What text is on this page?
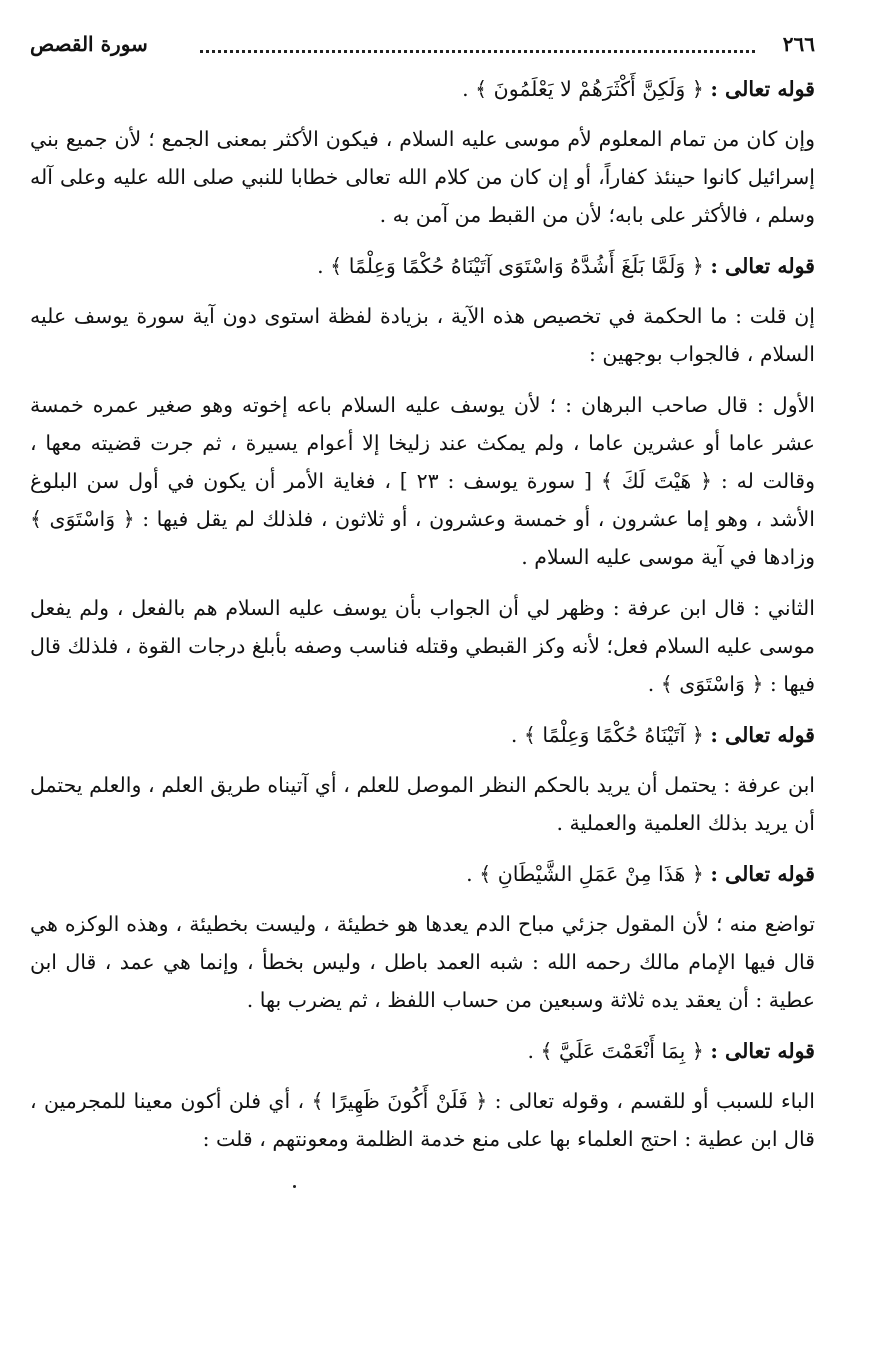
٢٦٦
سورة القصص

قوله تعالى : ﴿ وَلَكِنَّ أَكْثَرَهُمْ لا يَعْلَمُونَ ﴾ .

وإن كان من تمام المعلوم لأم موسى عليه السلام ، فيكون الأكثر بمعنى الجمع ؛ لأن جميع بني إسرائيل كانوا حينئذ كفاراً، أو إن كان من كلام الله تعالى خطابا للنبي صلى الله عليه وعلى آله وسلم ، فالأكثر على بابه؛ لأن من القبط من آمن به .

قوله تعالى : ﴿ وَلَمَّا بَلَغَ أَشُدَّهُ وَاسْتَوَى آتَيْنَاهُ حُكْمًا وَعِلْمًا ﴾ .

إن قلت : ما الحكمة في تخصيص هذه الآية ، بزيادة لفظة استوى دون آية سورة يوسف عليه السلام ، فالجواب بوجهين :

الأول : قال صاحب البرهان : ؛ لأن يوسف عليه السلام باعه إخوته وهو صغير عمره خمسة عشر عاما أو عشرين عاما ، ولم يمكث عند زليخا إلا أعوام يسيرة ، ثم جرت قضيته معها ، وقالت له : ﴿ هَيْتَ لَكَ ﴾ [ سورة يوسف : ٢٣ ] ، فغاية الأمر أن يكون في أول سن البلوغ الأشد ، وهو إما عشرون ، أو خمسة وعشرون ، أو ثلاثون ، فلذلك لم يقل فيها : ﴿ وَاسْتَوَى ﴾ وزادها في آية موسى عليه السلام .

الثاني : قال ابن عرفة : وظهر لي أن الجواب بأن يوسف عليه السلام هم بالفعل ، ولم يفعل موسى عليه السلام فعل؛ لأنه وكز القبطي وقتله فناسب وصفه بأبلغ درجات القوة ، فلذلك قال فيها : ﴿ وَاسْتَوَى ﴾ .

قوله تعالى : ﴿ آتَيْنَاهُ حُكْمًا وَعِلْمًا ﴾ .

ابن عرفة : يحتمل أن يريد بالحكم النظر الموصل للعلم ، أي آتيناه طريق العلم ، والعلم يحتمل أن يريد بذلك العلمية والعملية .

قوله تعالى : ﴿ هَذَا مِنْ عَمَلِ الشَّيْطَانِ ﴾ .

تواضع منه ؛ لأن المقول جزئي مباح الدم يعدها هو خطيئة ، وليست بخطيئة ، وهذه الوكزه هي قال فيها الإمام مالك رحمه الله : شبه العمد باطل ، وليس بخطأ ، وإنما هي عمد ، قال ابن عطية : أن يعقد يده ثلاثة وسبعين من حساب اللفظ ، ثم يضرب بها .

قوله تعالى : ﴿ بِمَا أَنْعَمْتَ عَلَيَّ ﴾ .

الباء للسبب أو للقسم ، وقوله تعالى : ﴿ فَلَنْ أَكُونَ ظَهِيرًا ﴾ ، أي فلن أكون معينا للمجرمين ، قال ابن عطية : احتج العلماء بها على منع خدمة الظلمة ومعونتهم ، قلت :
